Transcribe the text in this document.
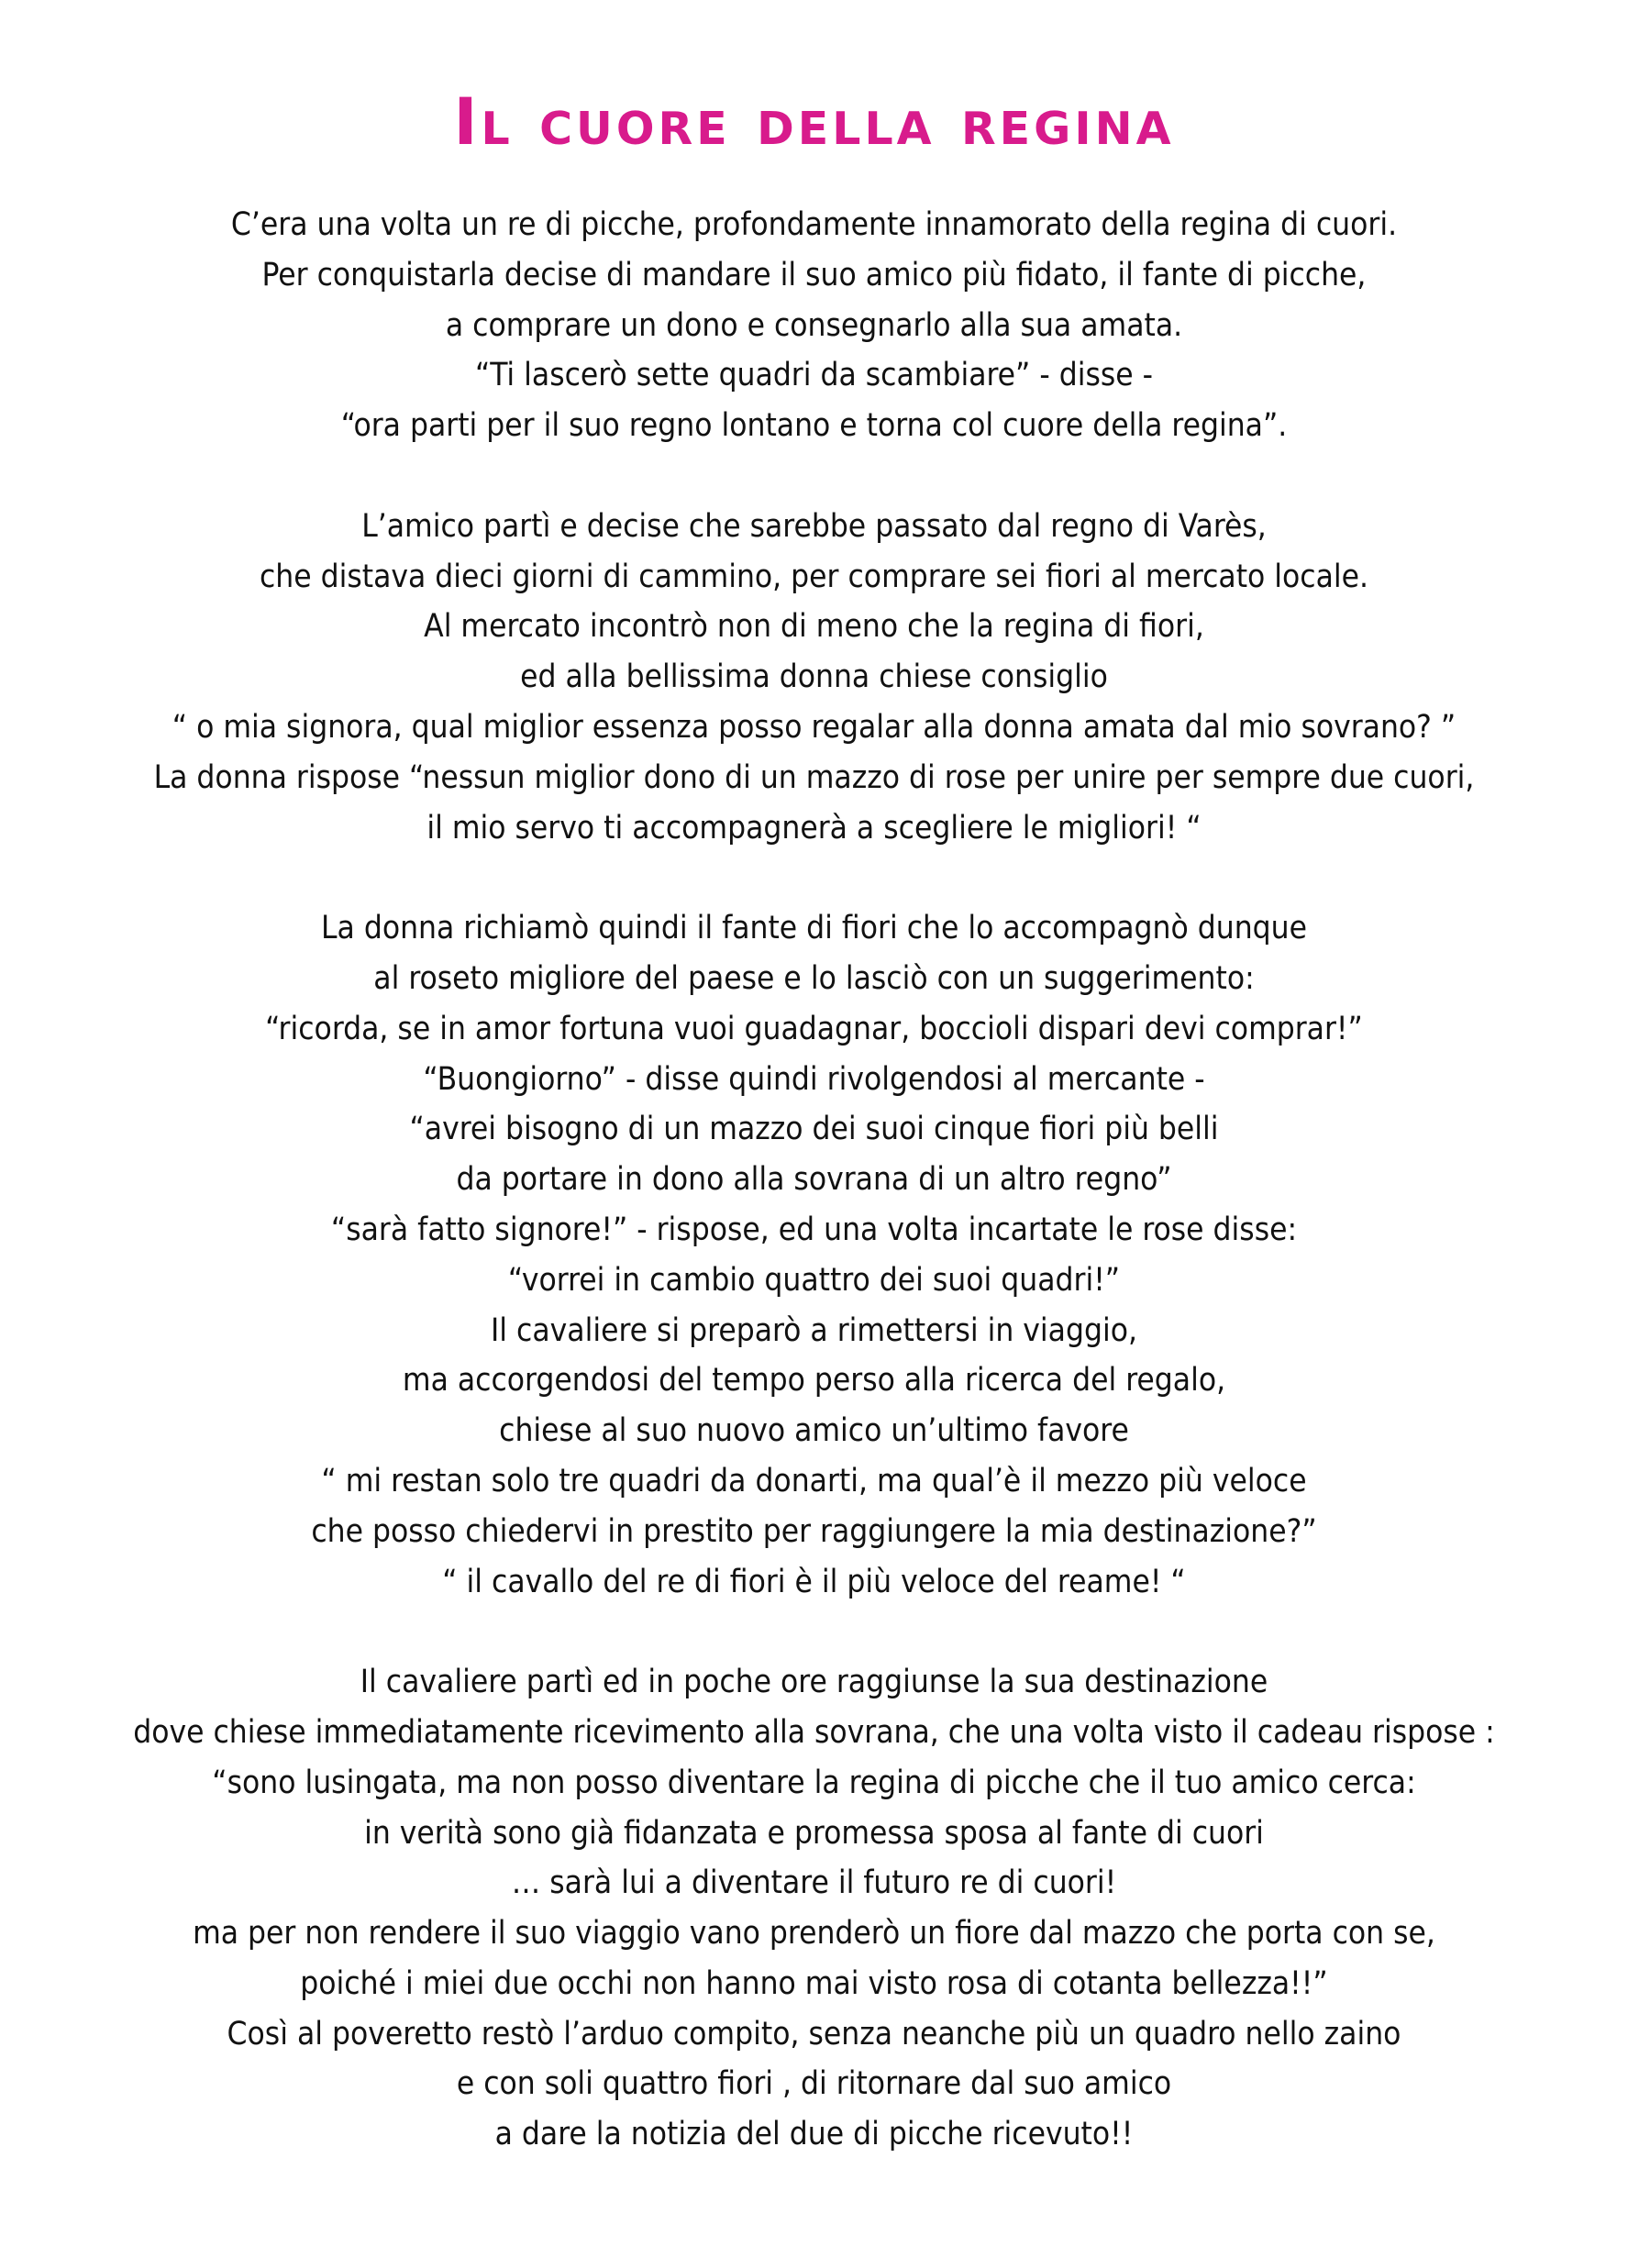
Il cuore della regina
C’era una volta un re di picche, profondamente innamorato della regina di cuori.
Per conquistarla decise di mandare il suo amico più fidato, il fante di picche,
a comprare un dono e consegnarlo alla sua amata.
“Ti lascerò sette quadri da scambiare” - disse -
“ora parti per il suo regno lontano e torna col cuore della regina”.
L’amico partì e decise che sarebbe passato dal regno di Varès,
che distava dieci giorni di cammino, per comprare sei fiori al mercato locale.
Al mercato incontrò non di meno che la regina di fiori,
ed alla bellissima donna chiese consiglio
“ o mia signora, qual miglior essenza posso regalar alla donna amata dal mio sovrano? ”
La donna rispose “nessun miglior dono di un mazzo di rose per unire per sempre due cuori,
il mio servo ti accompagnerà a scegliere le migliori! “
La donna richiamò quindi il fante di fiori che lo accompagnò dunque
al roseto migliore del paese e lo lasciò con un suggerimento:
“ricorda, se in amor fortuna vuoi guadagnar, boccioli dispari devi comprar!”
“Buongiorno” - disse quindi rivolgendosi al mercante -
“avrei bisogno di un mazzo dei suoi cinque fiori più belli
da portare in dono alla sovrana di un altro regno”
“sarà fatto signore!” - rispose, ed una volta incartate le rose disse:
“vorrei in cambio quattro dei suoi quadri!”
Il cavaliere si preparò a rimettersi in viaggio,
ma accorgendosi del tempo perso alla ricerca del regalo,
chiese al suo nuovo amico un’ultimo favore
“ mi restan solo tre quadri da donarti, ma qual’è il mezzo più veloce
che posso chiedervi in prestito per raggiungere la mia destinazione?”
“ il cavallo del re di fiori è il più veloce del reame! “
Il cavaliere partì ed in poche ore raggiunse la sua destinazione
dove chiese immediatamente ricevimento alla sovrana, che una volta visto il cadeau rispose :
“sono lusingata, ma non posso diventare la regina di picche che il tuo amico cerca:
in verità sono già fidanzata e promessa sposa al fante di cuori
… sarà lui a diventare il futuro re di cuori!
ma per non rendere il suo viaggio vano prenderò un fiore dal mazzo che porta con se,
poiché i miei due occhi non hanno mai visto rosa di cotanta bellezza!!”
Così al poveretto restò l’arduo compito, senza neanche più un quadro nello zaino
e con soli quattro fiori , di ritornare dal suo amico
a dare la notizia del due di picche ricevuto!!
